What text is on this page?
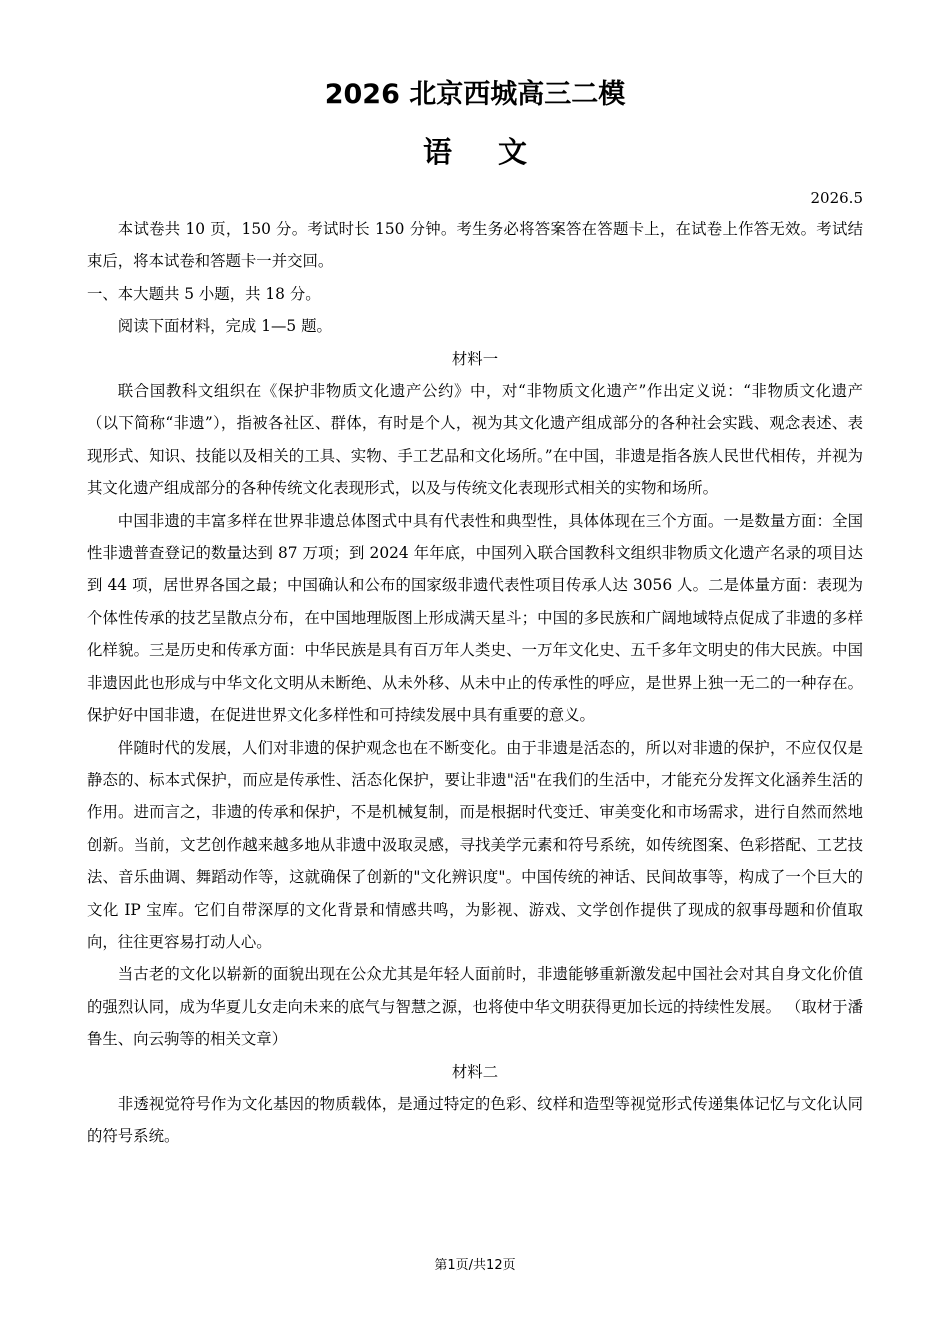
2026 北京西城高三二模
语 文
2026.5

本试卷共 10 页，150 分。考试时长 150 分钟。考生务必将答案答在答题卡上，在试卷上作答无效。考试结束后，将本试卷和答题卡一并交回。

一、本大题共 5 小题，共 18 分。

阅读下面材料，完成 1—5 题。

材料一

联合国教科文组织在《保护非物质文化遗产公约》中，对“非物质文化遗产”作出定义说：“非物质文化遗产（以下简称“非遗”），指被各社区、群体，有时是个人，视为其文化遗产组成部分的各种社会实践、观念表述、表现形式、知识、技能以及相关的工具、实物、手工艺品和文化场所。”在中国，非遗是指各族人民世代相传，并视为其文化遗产组成部分的各种传统文化表现形式，以及与传统文化表现形式相关的实物和场所。

中国非遗的丰富多样在世界非遗总体图式中具有代表性和典型性，具体体现在三个方面。一是数量方面：全国性非遗普查登记的数量达到 87 万项；到 2024 年年底，中国列入联合国教科文组织非物质文化遗产名录的项目达到 44 项，居世界各国之最；中国确认和公布的国家级非遗代表性项目传承人达 3056 人。二是体量方面：表现为个体性传承的技艺呈散点分布，在中国地理版图上形成满天星斗；中国的多民族和广阔地域特点促成了非遗的多样化样貌。三是历史和传承方面：中华民族是具有百万年人类史、一万年文化史、五千多年文明史的伟大民族。中国非遗因此也形成与中华文化文明从未断绝、从未外移、从未中止的传承性的呼应，是世界上独一无二的一种存在。保护好中国非遗，在促进世界文化多样性和可持续发展中具有重要的意义。

伴随时代的发展，人们对非遗的保护观念也在不断变化。由于非遗是活态的，所以对非遗的保护，不应仅仅是静态的、标本式保护，而应是传承性、活态化保护，要让非遗"活"在我们的生活中，才能充分发挥文化涵养生活的作用。进而言之，非遗的传承和保护，不是机械复制，而是根据时代变迁、审美变化和市场需求，进行自然而然地创新。当前，文艺创作越来越多地从非遗中汲取灵感，寻找美学元素和符号系统，如传统图案、色彩搭配、工艺技法、音乐曲调、舞蹈动作等，这就确保了创新的"文化辨识度"。中国传统的神话、民间故事等，构成了一个巨大的文化 IP 宝库。它们自带深厚的文化背景和情感共鸣，为影视、游戏、文学创作提供了现成的叙事母题和价值取向，往往更容易打动人心。

当古老的文化以崭新的面貌出现在公众尤其是年轻人面前时，非遗能够重新激发起中国社会对其自身文化价值的强烈认同，成为华夏儿女走向未来的底气与智慧之源，也将使中华文明获得更加长远的持续性发展。 （取材于潘鲁生、向云驹等的相关文章）

材料二

非透视觉符号作为文化基因的物质载体，是通过特定的色彩、纹样和造型等视觉形式传递集体记忆与文化认同的符号系统。

第1页/共12页
